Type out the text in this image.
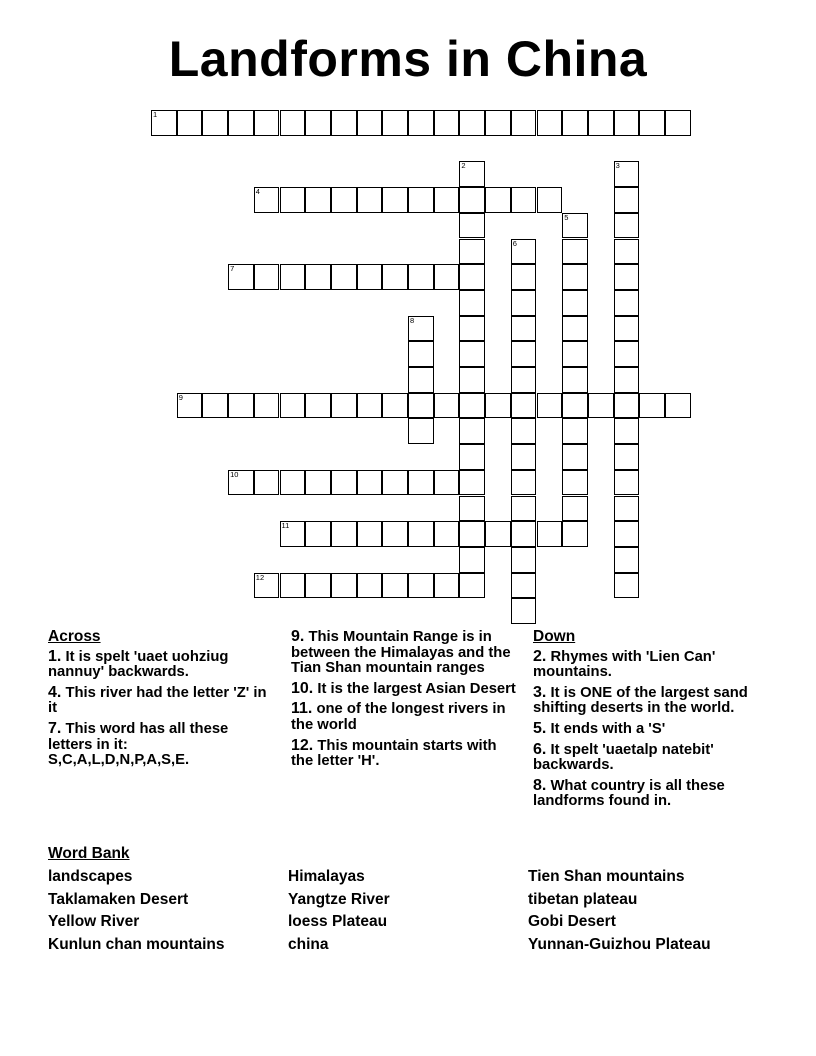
Landforms in China
1
2	3
4
5
6
7
8
9
10
11
12
Across
1. It is spelt 'uaet uohziug nannuy' backwards.
4. This river had the letter 'Z' in it
7. This word has all these letters in it: S,C,A,L,D,N,P,A,S,E.
9. This Mountain Range is in between the Himalayas and the Tian Shan mountain ranges
10. It is the largest Asian Desert
11. one of the longest rivers in the world
12. This mountain starts with the letter 'H'.
Down
2. Rhymes with 'Lien Can' mountains.
3. It is ONE of the largest sand shifting deserts in the world.
5. It ends with a 'S'
6. It spelt 'uaetalp natebit' backwards.
8. What country is all these landforms found in.
Word Bank
landscapes	Himalayas	Tien Shan mountains
Taklamaken Desert	Yangtze River	tibetan plateau
Yellow River	loess Plateau	Gobi Desert
Kunlun chan mountains	china	Yunnan-Guizhou Plateau
